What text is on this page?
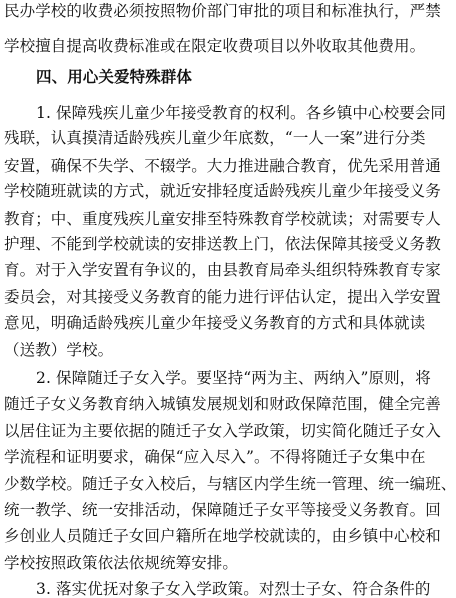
民办学校的收费必须按照物价部门审批的项目和标准执行，严禁
学校擅自提高收费标准或在限定收费项目以外收取其他费用。
四、用心关爱特殊群体
1. 保障残疾儿童少年接受教育的权利。各乡镇中心校要会同
残联，认真摸清适龄残疾儿童少年底数，“一人一案”进行分类
安置，确保不失学、不辍学。大力推进融合教育，优先采用普通
学校随班就读的方式，就近安排轻度适龄残疾儿童少年接受义务
教育；中、重度残疾儿童安排至特殊教育学校就读；对需要专人
护理、不能到学校就读的安排送教上门，依法保障其接受义务教
育。对于入学安置有争议的，由县教育局牵头组织特殊教育专家
委员会，对其接受义务教育的能力进行评估认定，提出入学安置
意见，明确适龄残疾儿童少年接受义务教育的方式和具体就读
（送教）学校。
2. 保障随迁子女入学。要坚持“两为主、两纳入”原则，将
随迁子女义务教育纳入城镇发展规划和财政保障范围，健全完善
以居住证为主要依据的随迁子女入学政策，切实简化随迁子女入
学流程和证明要求，确保“应入尽入”。不得将随迁子女集中在
少数学校。随迁子女入校后，与辖区内学生统一管理、统一编班、
统一教学、统一安排活动，保障随迁子女平等接受义务教育。回
乡创业人员随迁子女回户籍所在地学校就读的，由乡镇中心校和
学校按照政策依法依规统筹安排。
3. 落实优抚对象子女入学政策。对烈士子女、符合条件的
